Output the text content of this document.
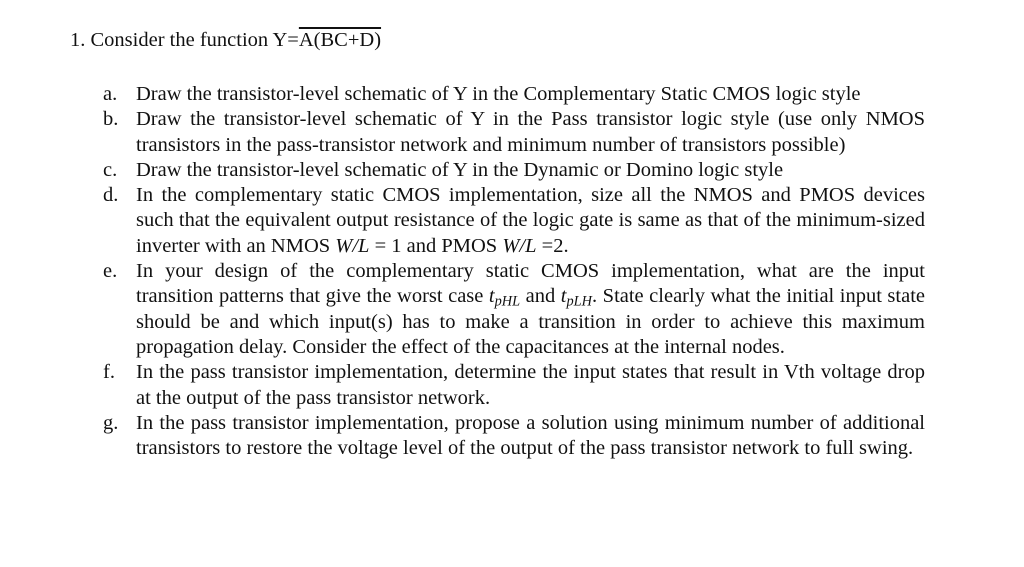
1. Consider the function Y=A(BC+D)
a. Draw the transistor-level schematic of Y in the Complementary Static CMOS logic style
b. Draw the transistor-level schematic of Y in the Pass transistor logic style (use only NMOS transistors in the pass-transistor network and minimum number of transistors possible)
c. Draw the transistor-level schematic of Y in the Dynamic or Domino logic style
d. In the complementary static CMOS implementation, size all the NMOS and PMOS devices such that the equivalent output resistance of the logic gate is same as that of the minimum-sized inverter with an NMOS W/L = 1 and PMOS W/L =2.
e. In your design of the complementary static CMOS implementation, what are the input transition patterns that give the worst case $t_{pHL}$ and $t_{pLH}$. State clearly what the initial input state should be and which input(s) has to make a transition in order to achieve this maximum propagation delay. Consider the effect of the capacitances at the internal nodes.
f.	In the pass transistor implementation, determine the input states that result in Vth voltage drop at the output of the pass transistor network.
g. In the pass transistor implementation, propose a solution using minimum number of additional transistors to restore the voltage level of the output of the pass transistor network to full swing.
